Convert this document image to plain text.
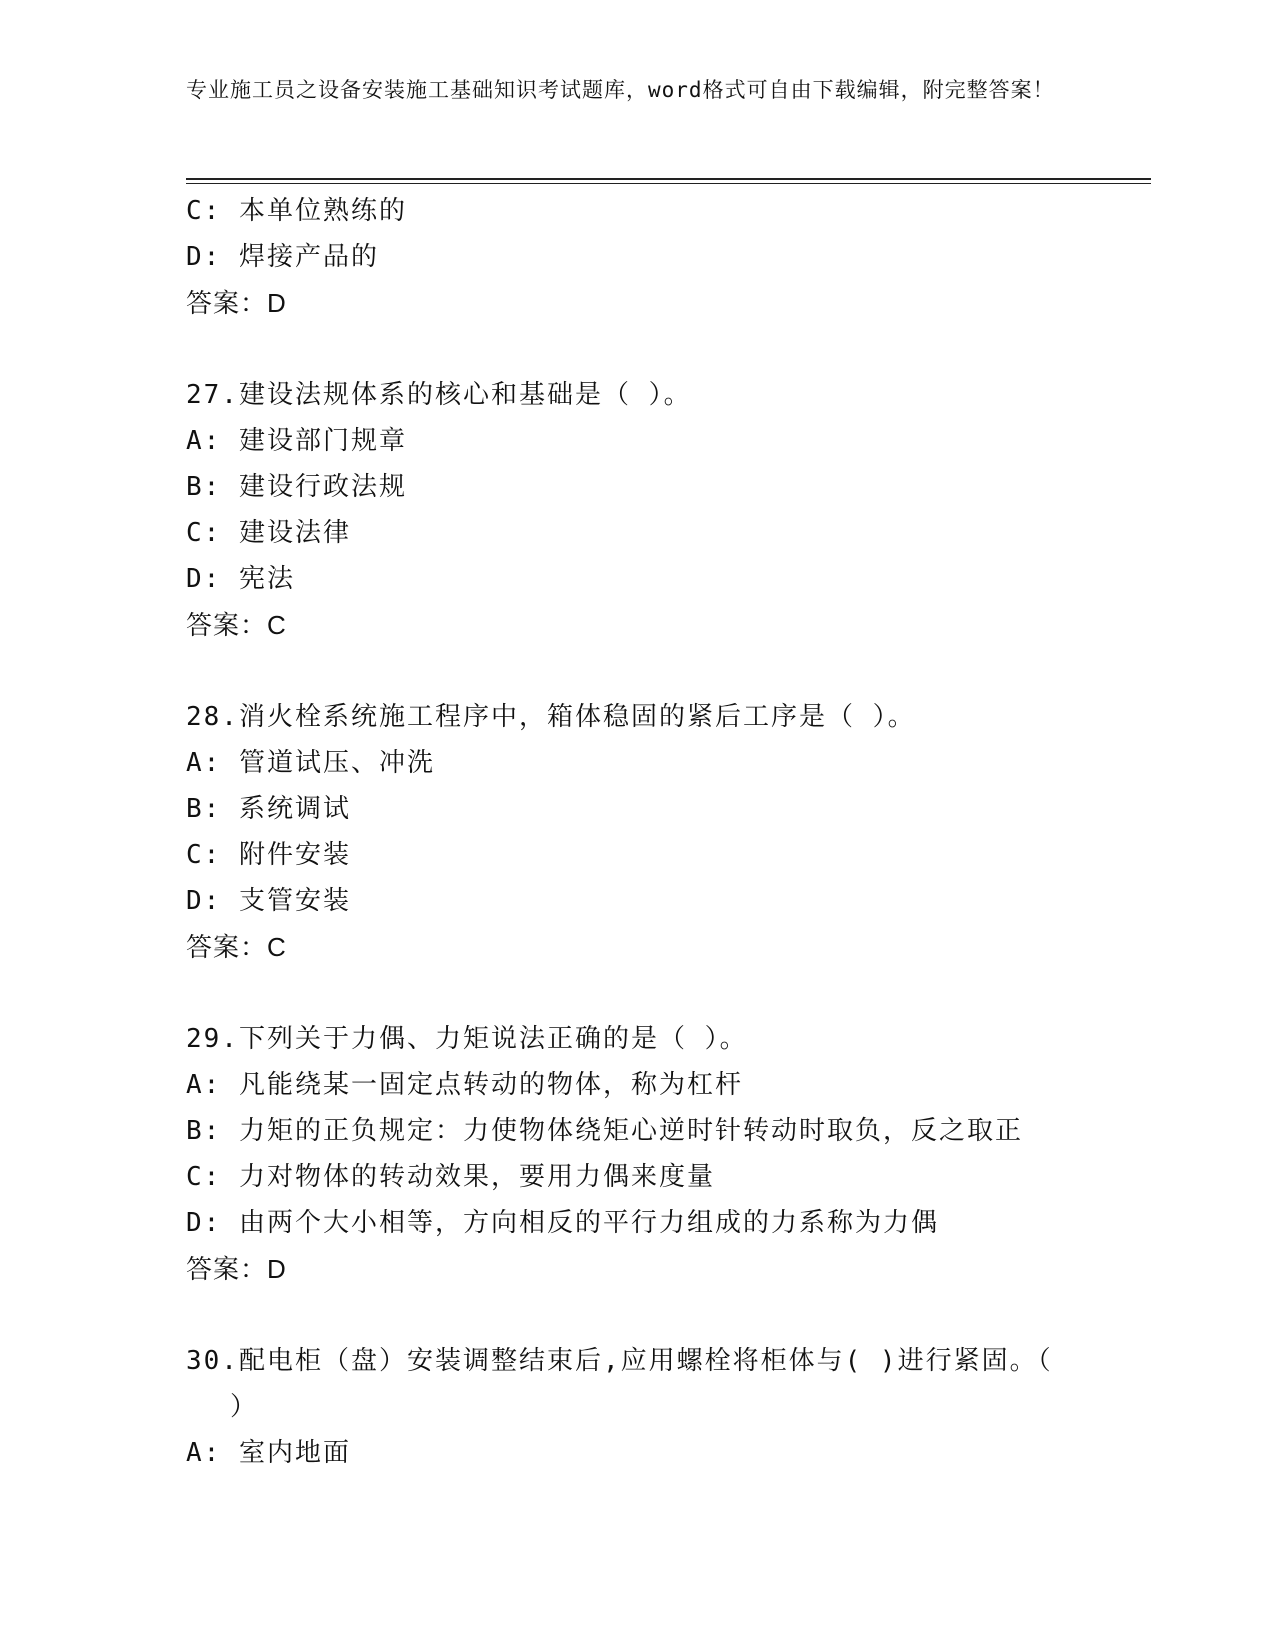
专业施工员之设备安装施工基础知识考试题库，word格式可自由下载编辑，附完整答案！
C: 本单位熟练的
D: 焊接产品的
答案：D
27.建设法规体系的核心和基础是（ ）。
A: 建设部门规章
B: 建设行政法规
C: 建设法律
D: 宪法
答案：C
28.消火栓系统施工程序中，箱体稳固的紧后工序是（ ）。
A: 管道试压、冲洗
B: 系统调试
C: 附件安装
D: 支管安装
答案：C
29.下列关于力偶、力矩说法正确的是（ ）。
A: 凡能绕某一固定点转动的物体，称为杠杆
B: 力矩的正负规定：力使物体绕矩心逆时针转动时取负，反之取正
C: 力对物体的转动效果，要用力偶来度量
D: 由两个大小相等，方向相反的平行力组成的力系称为力偶
答案：D
30.配电柜（盘）安装调整结束后,应用螺栓将柜体与( )进行紧固。（
）
A: 室内地面
